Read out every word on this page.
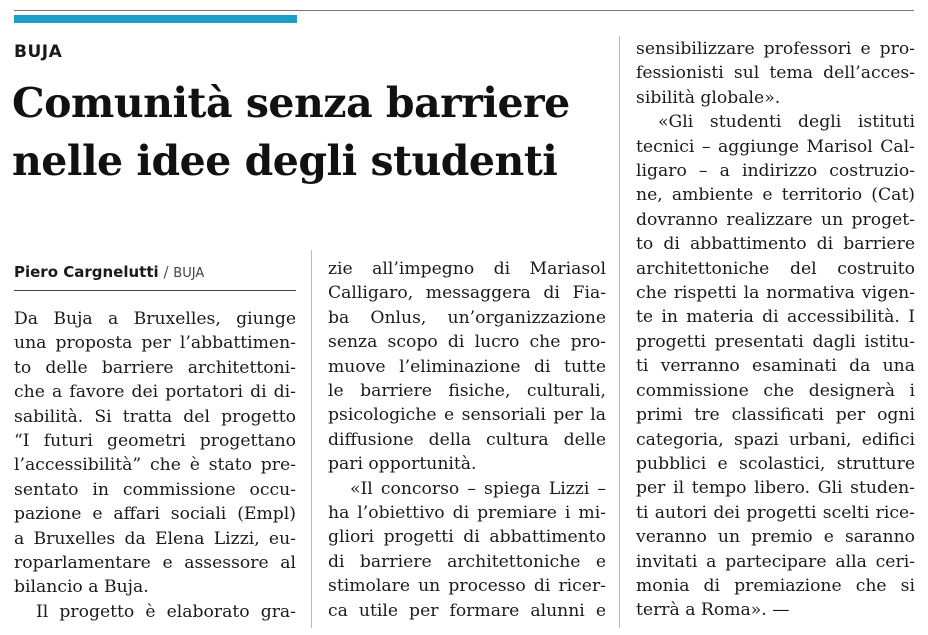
BUJA
Comunità senza barriere
nelle idee degli studenti
Piero Cargnelutti / BUJA
Da Buja a Bruxelles, giunge
una proposta per l’abbattimen-
to delle barriere architettoni-
che a favore dei portatori di di-
sabilità. Si tratta del progetto
“I futuri geometri progettano
l’accessibilità” che è stato pre-
sentato in commissione occu-
pazione e affari sociali (Empl)
a Bruxelles da Elena Lizzi, eu-
roparlamentare e assessore al
bilancio a Buja.
Il progetto è elaborato gra-
zie all’impegno di Mariasol
Calligaro, messaggera di Fia-
ba Onlus, un’organizzazione
senza scopo di lucro che pro-
muove l’eliminazione di tutte
le barriere fisiche, culturali,
psicologiche e sensoriali per la
diffusione della cultura delle
pari opportunità.
«Il concorso – spiega Lizzi –
ha l’obiettivo di premiare i mi-
gliori progetti di abbattimento
di barriere architettoniche e
stimolare un processo di ricer-
ca utile per formare alunni e
sensibilizzare professori e pro-
fessionisti sul tema dell’acces-
sibilità globale».
«Gli studenti degli istituti
tecnici – aggiunge Marisol Cal-
ligaro – a indirizzo costruzio-
ne, ambiente e territorio (Cat)
dovranno realizzare un proget-
to di abbattimento di barriere
architettoniche del costruito
che rispetti la normativa vigen-
te in materia di accessibilità. I
progetti presentati dagli istitu-
ti verranno esaminati da una
commissione che designerà i
primi tre classificati per ogni
categoria, spazi urbani, edifici
pubblici e scolastici, strutture
per il tempo libero. Gli studen-
ti autori dei progetti scelti rice-
veranno un premio e saranno
invitati a partecipare alla ceri-
monia di premiazione che si
terrà a Roma». —
